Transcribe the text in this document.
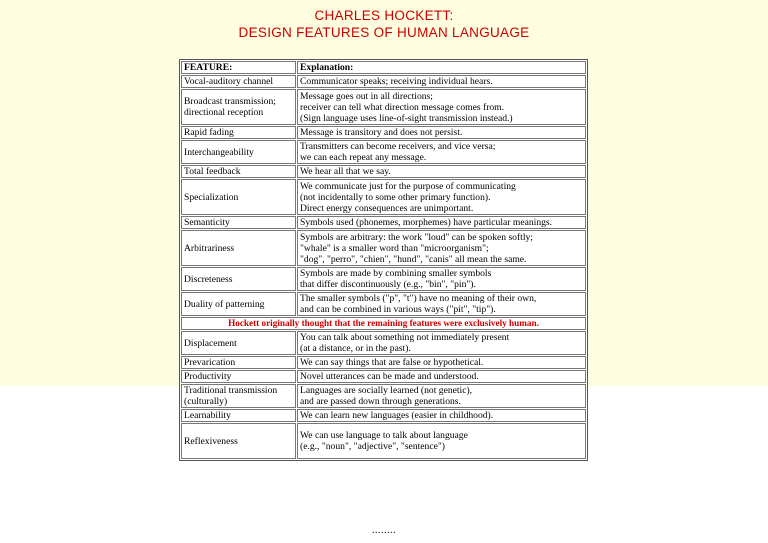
CHARLES HOCKETT:
DESIGN FEATURES OF HUMAN LANGUAGE
FEATURE:	Explanation:
Vocal-auditory channel	Communicator speaks; receiving individual hears.
Broadcast transmission;
directional reception	Message goes out in all directions;
receiver can tell what direction message comes from.
(Sign language uses line-of-sight transmission instead.)
Rapid fading	Message is transitory and does not persist.
Interchangeability	Transmitters can become receivers, and vice versa;
we can each repeat any message.
Total feedback	We hear all that we say.
Specialization	We communicate just for the purpose of communicating
(not incidentally to some other primary function).
Direct energy consequences are unimportant.
Semanticity	Symbols used (phonemes, morphemes) have particular meanings.
Arbitrariness	Symbols are arbitrary: the work "loud" can be spoken softly;
"whale" is a smaller word than "microorganism";
"dog", "perro", "chien", "hund", "canis" all mean the same.
Discreteness	Symbols are made by combining smaller symbols
that differ discontinuously (e.g., "bin", "pin").
Duality of patterning	The smaller symbols ("p", "t") have no meaning of their own,
and can be combined in various ways ("pit", "tip").
Hockett originally thought that the remaining features were exclusively human.	
Displacement	You can talk about something not immediately present
(at a distance, or in the past).
Prevarication	We can say things that are false or hypothetical.
Productivity	Novel utterances can be made and understood.
Traditional transmission
(culturally)	Languages are socially learned (not genetic),
and are passed down through generations.
Learnability	We can learn new languages (easier in childhood).
Reflexiveness	We can use language to talk about language
(e.g., "noun", "adjective", "sentence")
........
